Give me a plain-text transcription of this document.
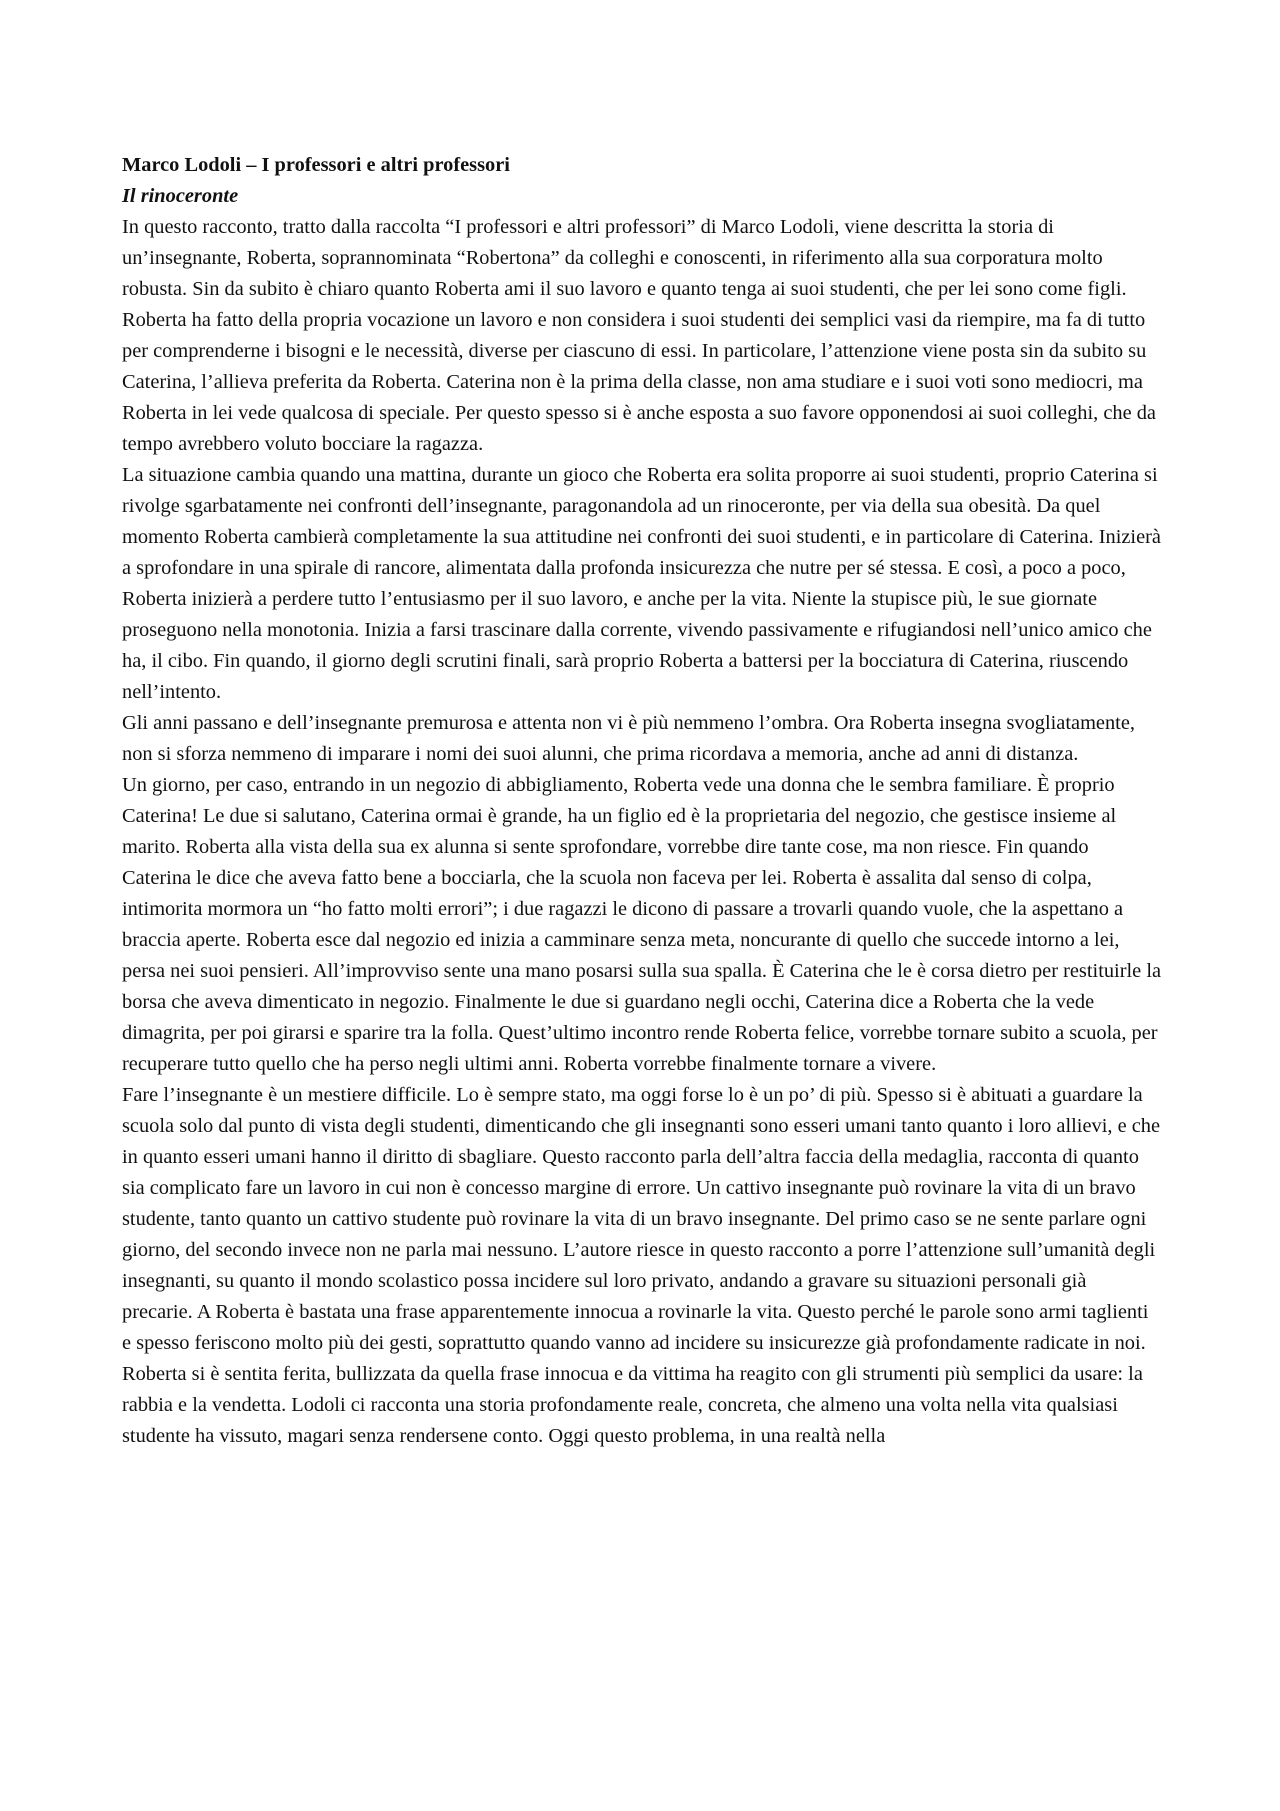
Marco Lodoli – I professori e altri professori

Il rinoceronte

In questo racconto, tratto dalla raccolta “I professori e altri professori” di Marco Lodoli, viene descritta la storia di un’insegnante, Roberta, soprannominata “Robertona” da colleghi e conoscenti, in riferimento alla sua corporatura molto robusta. Sin da subito è chiaro quanto Roberta ami il suo lavoro e quanto tenga ai suoi studenti, che per lei sono come figli. Roberta ha fatto della propria vocazione un lavoro e non considera i suoi studenti dei semplici vasi da riempire, ma fa di tutto per comprenderne i bisogni e le necessità, diverse per ciascuno di essi. In particolare, l’attenzione viene posta sin da subito su Caterina, l’allieva preferita da Roberta. Caterina non è la prima della classe, non ama studiare e i suoi voti sono mediocri, ma Roberta in lei vede qualcosa di speciale. Per questo spesso si è anche esposta a suo favore opponendosi ai suoi colleghi, che da tempo avrebbero voluto bocciare la ragazza.

La situazione cambia quando una mattina, durante un gioco che Roberta era solita proporre ai suoi studenti, proprio Caterina si rivolge sgarbatamente nei confronti dell’insegnante, paragonandola ad un rinoceronte, per via della sua obesità. Da quel momento Roberta cambierà completamente la sua attitudine nei confronti dei suoi studenti, e in particolare di Caterina. Inizierà a sprofondare in una spirale di rancore, alimentata dalla profonda insicurezza che nutre per sé stessa. E così, a poco a poco, Roberta inizierà a perdere tutto l’entusiasmo per il suo lavoro, e anche per la vita. Niente la stupisce più, le sue giornate proseguono nella monotonia. Inizia a farsi trascinare dalla corrente, vivendo passivamente e rifugiandosi nell’unico amico che ha, il cibo. Fin quando, il giorno degli scrutini finali, sarà proprio Roberta a battersi per la bocciatura di Caterina, riuscendo nell’intento.

Gli anni passano e dell’insegnante premurosa e attenta non vi è più nemmeno l’ombra. Ora Roberta insegna svogliatamente, non si sforza nemmeno di imparare i nomi dei suoi alunni, che prima ricordava a memoria, anche ad anni di distanza.

Un giorno, per caso, entrando in un negozio di abbigliamento, Roberta vede una donna che le sembra familiare. È proprio Caterina! Le due si salutano, Caterina ormai è grande, ha un figlio ed è la proprietaria del negozio, che gestisce insieme al marito. Roberta alla vista della sua ex alunna si sente sprofondare, vorrebbe dire tante cose, ma non riesce. Fin quando Caterina le dice che aveva fatto bene a bocciarla, che la scuola non faceva per lei. Roberta è assalita dal senso di colpa, intimorita mormora un “ho fatto molti errori”; i due ragazzi le dicono di passare a trovarli quando vuole, che la aspettano a braccia aperte. Roberta esce dal negozio ed inizia a camminare senza meta, noncurante di quello che succede intorno a lei, persa nei suoi pensieri. All’improvviso sente una mano posarsi sulla sua spalla. È Caterina che le è corsa dietro per restituirle la borsa che aveva dimenticato in negozio. Finalmente le due si guardano negli occhi, Caterina dice a Roberta che la vede dimagrita, per poi girarsi e sparire tra la folla. Quest’ultimo incontro rende Roberta felice, vorrebbe tornare subito a scuola, per recuperare tutto quello che ha perso negli ultimi anni. Roberta vorrebbe finalmente tornare a vivere.

Fare l’insegnante è un mestiere difficile. Lo è sempre stato, ma oggi forse lo è un po’ di più. Spesso si è abituati a guardare la scuola solo dal punto di vista degli studenti, dimenticando che gli insegnanti sono esseri umani tanto quanto i loro allievi, e che in quanto esseri umani hanno il diritto di sbagliare. Questo racconto parla dell’altra faccia della medaglia, racconta di quanto sia complicato fare un lavoro in cui non è concesso margine di errore. Un cattivo insegnante può rovinare la vita di un bravo studente, tanto quanto un cattivo studente può rovinare la vita di un bravo insegnante. Del primo caso se ne sente parlare ogni giorno, del secondo invece non ne parla mai nessuno. L’autore riesce in questo racconto a porre l’attenzione sull’umanità degli insegnanti, su quanto il mondo scolastico possa incidere sul loro privato, andando a gravare su situazioni personali già precarie. A Roberta è bastata una frase apparentemente innocua a rovinarle la vita. Questo perché le parole sono armi taglienti e spesso feriscono molto più dei gesti, soprattutto quando vanno ad incidere su insicurezze già profondamente radicate in noi. Roberta si è sentita ferita, bullizzata da quella frase innocua e da vittima ha reagito con gli strumenti più semplici da usare: la rabbia e la vendetta. Lodoli ci racconta una storia profondamente reale, concreta, che almeno una volta nella vita qualsiasi studente ha vissuto, magari senza rendersene conto. Oggi questo problema, in una realtà nella
